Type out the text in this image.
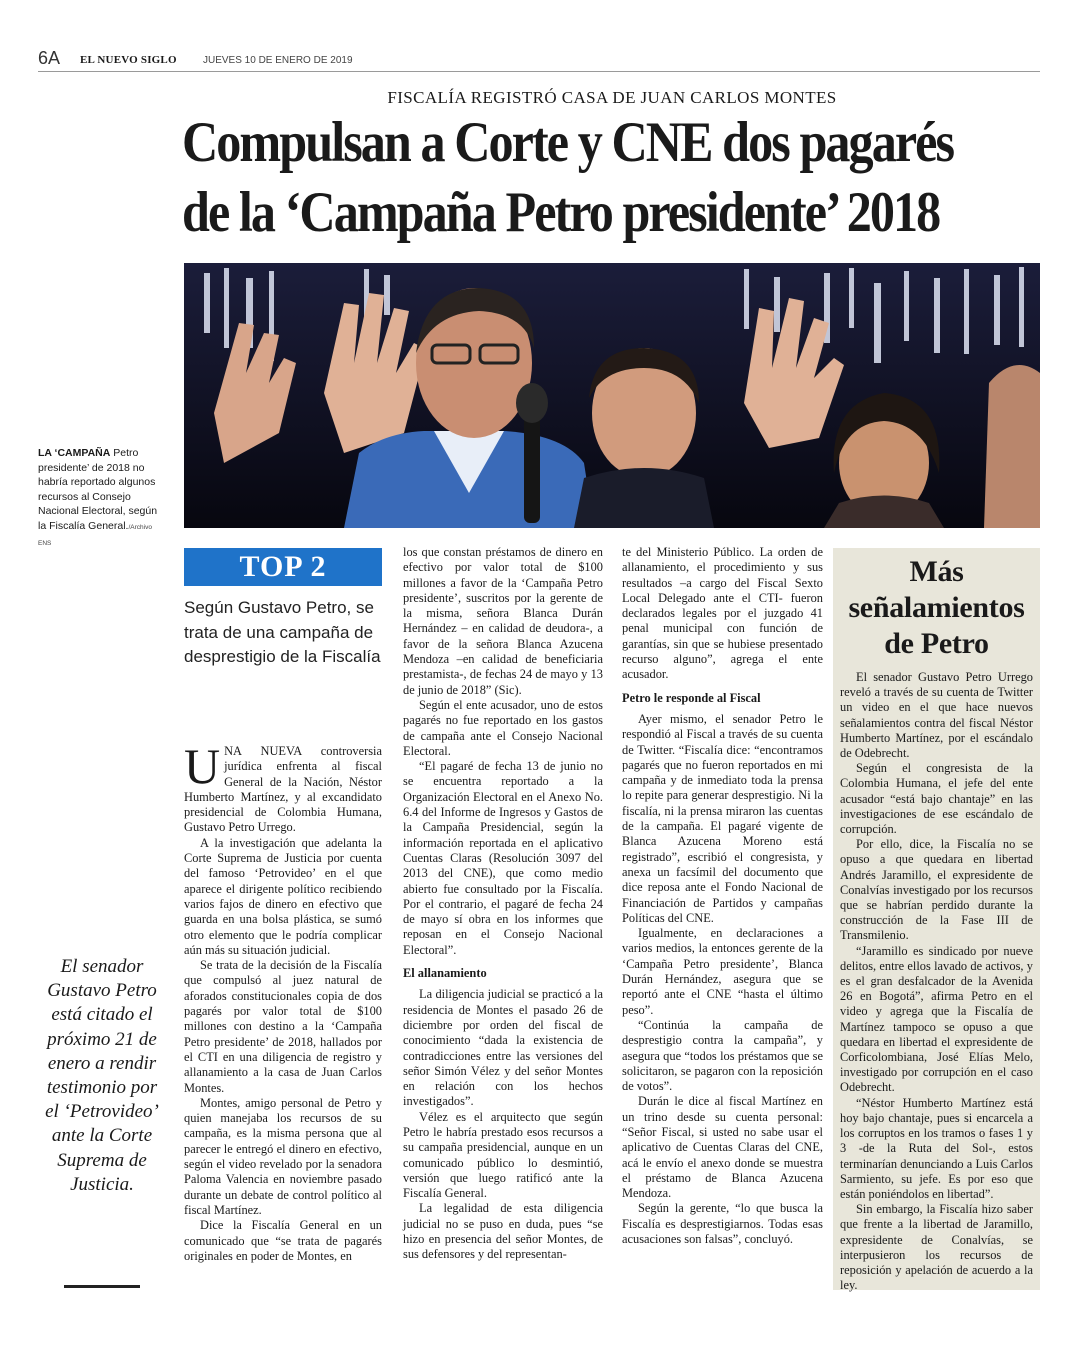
6A EL NUEVO SIGLO	JUEVES 10 DE ENERO DE 2019
FISCALÍA REGISTRÓ CASA DE JUAN CARLOS MONTES
Compulsan a Corte y CNE dos pagarés
de la ‘Campaña Petro presidente’ 2018
LA ‘CAMPAÑA Petro presidente’ de 2018 no habría reportado algunos recursos al Consejo Nacional Electoral, según la Fiscalía General./Archivo ENS
TOP 2
Según Gustavo Petro, se trata de una campaña de desprestigio de la Fiscalía
El senador Gustavo Petro está citado el próximo 21 de enero a rendir testimonio por el ‘Petrovideo’ ante la Corte Suprema de Justicia.

UNA NUEVA controversia jurídica enfrenta al fiscal General de la Nación, Néstor Humberto Martínez, y al excandidato presidencial de Colombia Humana, Gustavo Petro Urrego.

A la investigación que adelanta la Corte Suprema de Justicia por cuenta del famoso ‘Petrovideo’ en el que aparece el dirigente político recibiendo varios fajos de dinero en efectivo que guarda en una bolsa plástica, se sumó otro elemento que le podría complicar aún más su situación judicial.

Se trata de la decisión de la Fiscalía que compulsó al juez natural de aforados constitucionales copia de dos pagarés por valor total de $100 millones con destino a la ‘Campaña Petro presidente’ de 2018, hallados por el CTI en una diligencia de registro y allanamiento a la casa de Juan Carlos Montes.

Montes, amigo personal de Petro y quien manejaba los recursos de su campaña, es la misma persona que al parecer le entregó el dinero en efectivo, según el video revelado por la senadora Paloma Valencia en noviembre pasado durante un debate de control político al fiscal Martínez.

Dice la Fiscalía General en un comunicado que “se trata de pagarés originales en poder de Montes, en

los que constan préstamos de dinero en efectivo por valor total de $100 millones a favor de la ‘Campaña Petro presidente’, suscritos por la gerente de la misma, señora Blanca Durán Hernández – en calidad de deudora-, a favor de la señora Blanca Azucena Mendoza –en calidad de beneficiaria prestamista-, de fechas 24 de mayo y 13 de junio de 2018” (Sic).

Según el ente acusador, uno de estos pagarés no fue reportado en los gastos de campaña ante el Consejo Nacional Electoral.

“El pagaré de fecha 13 de junio no se encuentra reportado a la Organización Electoral en el Anexo No. 6.4 del Informe de Ingresos y Gastos de la Campaña Presidencial, según la información reportada en el aplicativo Cuentas Claras (Resolución 3097 del 2013 del CNE), que como medio abierto fue consultado por la Fiscalía. Por el contrario, el pagaré de fecha 24 de mayo sí obra en los informes que reposan en el Consejo Nacional Electoral”.

El allanamiento

La diligencia judicial se practicó a la residencia de Montes el pasado 26 de diciembre por orden del fiscal de conocimiento “dada la existencia de contradicciones entre las versiones del señor Simón Vélez y del señor Montes en relación con los hechos investigados”.

Vélez es el arquitecto que según Petro le habría prestado esos recursos a su campaña presidencial, aunque en un comunicado público lo desmintió, versión que luego ratificó ante la Fiscalía General.

La legalidad de esta diligencia judicial no se puso en duda, pues “se hizo en presencia del señor Montes, de sus defensores y del representan-

te del Ministerio Público. La orden de allanamiento, el procedimiento y sus resultados –a cargo del Fiscal Sexto Local Delegado ante el CTI- fueron declarados legales por el juzgado 41 penal municipal con función de garantías, sin que se hubiese presentado recurso alguno”, agrega el ente acusador.

Petro le responde al Fiscal

Ayer mismo, el senador Petro le respondió al Fiscal a través de su cuenta de Twitter. “Fiscalía dice: “encontramos pagarés que no fueron reportados en mi campaña y de inmediato toda la prensa lo repite para generar desprestigio. Ni la fiscalía, ni la prensa miraron las cuentas de la campaña. El pagaré vigente de Blanca Azucena Moreno está registrado”, escribió el congresista, y anexa un facsímil del documento que dice reposa ante el Fondo Nacional de Financiación de Partidos y campañas Políticas del CNE.

Igualmente, en declaraciones a varios medios, la entonces gerente de la ‘Campaña Petro presidente’, Blanca Durán Hernández, asegura que se reportó ante el CNE “hasta el último peso”.

“Continúa la campaña de desprestigio contra la campaña”, y asegura que “todos los préstamos que se solicitaron, se pagaron con la reposición de votos”.

Durán le dice al fiscal Martínez en un trino desde su cuenta personal: “Señor Fiscal, si usted no sabe usar el aplicativo de Cuentas Claras del CNE, acá le envío el anexo donde se muestra el préstamo de Blanca Azucena Mendoza.

Según la gerente, “lo que busca la Fiscalía es desprestigiarnos. Todas esas acusaciones son falsas”, concluyó.

Más señalamientos de Petro

El senador Gustavo Petro Urrego reveló a través de su cuenta de Twitter un video en el que hace nuevos señalamientos contra del fiscal Néstor Humberto Martínez, por el escándalo de Odebrecht.

Según el congresista de la Colombia Humana, el jefe del ente acusador “está bajo chantaje” en las investigaciones de ese escándalo de corrupción.

Por ello, dice, la Fiscalía no se opuso a que quedara en libertad Andrés Jaramillo, el expresidente de Conalvías investigado por los recursos que se habrían perdido durante la construcción de la Fase III de Transmilenio.

“Jaramillo es sindicado por nueve delitos, entre ellos lavado de activos, y es el gran desfalcador de la Avenida 26 en Bogotá”, afirma Petro en el video y agrega que la Fiscalía de Martínez tampoco se opuso a que quedara en libertad el expresidente de Corficolombiana, José Elías Melo, investigado por corrupción en el caso Odebrecht.

“Néstor Humberto Martínez está hoy bajo chantaje, pues si encarcela a los corruptos en los tramos o fases 1 y 3 -de la Ruta del Sol-, estos terminarían denunciando a Luis Carlos Sarmiento, su jefe. Es por eso que están poniéndolos en libertad”.

Sin embargo, la Fiscalía hizo saber que frente a la libertad de Jaramillo, expresidente de Conalvías, se interpusieron los recursos de reposición y apelación de acuerdo a la ley.
